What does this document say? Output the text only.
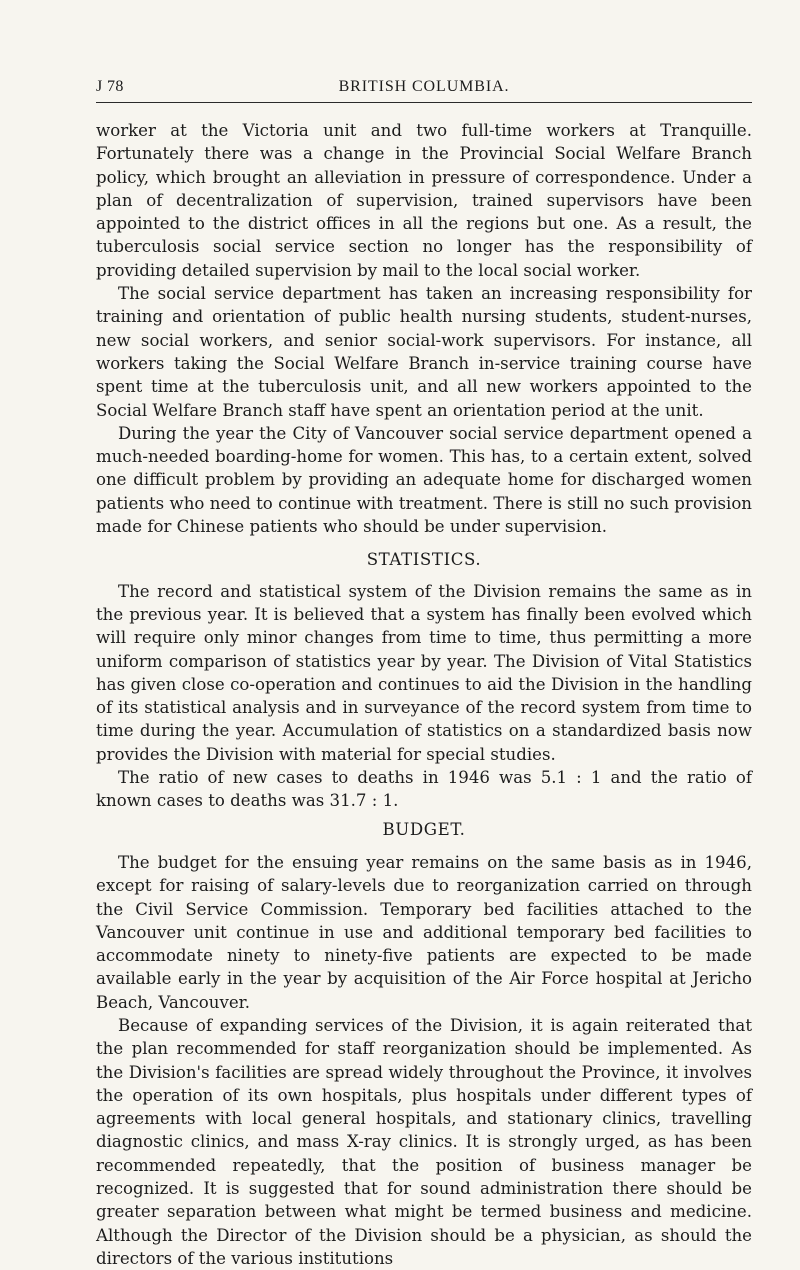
J 78	BRITISH COLUMBIA.

worker at the Victoria unit and two full-time workers at Tranquille. Fortunately there was a change in the Provincial Social Welfare Branch policy, which brought an alleviation in pressure of correspondence. Under a plan of decentralization of supervision, trained supervisors have been appointed to the district offices in all the regions but one. As a result, the tuberculosis social service section no longer has the responsibility of providing detailed supervision by mail to the local social worker.

The social service department has taken an increasing responsibility for training and orientation of public health nursing students, student-nurses, new social workers, and senior social-work supervisors. For instance, all workers taking the Social Welfare Branch in-service training course have spent time at the tuberculosis unit, and all new workers appointed to the Social Welfare Branch staff have spent an orientation period at the unit.

During the year the City of Vancouver social service department opened a much-needed boarding-home for women. This has, to a certain extent, solved one difficult problem by providing an adequate home for discharged women patients who need to continue with treatment. There is still no such provision made for Chinese patients who should be under supervision.

STATISTICS.

The record and statistical system of the Division remains the same as in the previous year. It is believed that a system has finally been evolved which will require only minor changes from time to time, thus permitting a more uniform comparison of statistics year by year. The Division of Vital Statistics has given close co-operation and continues to aid the Division in the handling of its statistical analysis and in surveyance of the record system from time to time during the year. Accumulation of statistics on a standardized basis now provides the Division with material for special studies.

The ratio of new cases to deaths in 1946 was 5.1 : 1 and the ratio of known cases to deaths was 31.7 : 1.

BUDGET.

The budget for the ensuing year remains on the same basis as in 1946, except for raising of salary-levels due to reorganization carried on through the Civil Service Commission. Temporary bed facilities attached to the Vancouver unit continue in use and additional temporary bed facilities to accommodate ninety to ninety-five patients are expected to be made available early in the year by acquisition of the Air Force hospital at Jericho Beach, Vancouver.

Because of expanding services of the Division, it is again reiterated that the plan recommended for staff reorganization should be implemented. As the Division's facilities are spread widely throughout the Province, it involves the operation of its own hospitals, plus hospitals under different types of agreements with local general hospitals, and stationary clinics, travelling diagnostic clinics, and mass X-ray clinics. It is strongly urged, as has been recommended repeatedly, that the position of business manager be recognized. It is suggested that for sound administration there should be greater separation between what might be termed business and medicine. Although the Director of the Division should be a physician, as should the directors of the various institutions
